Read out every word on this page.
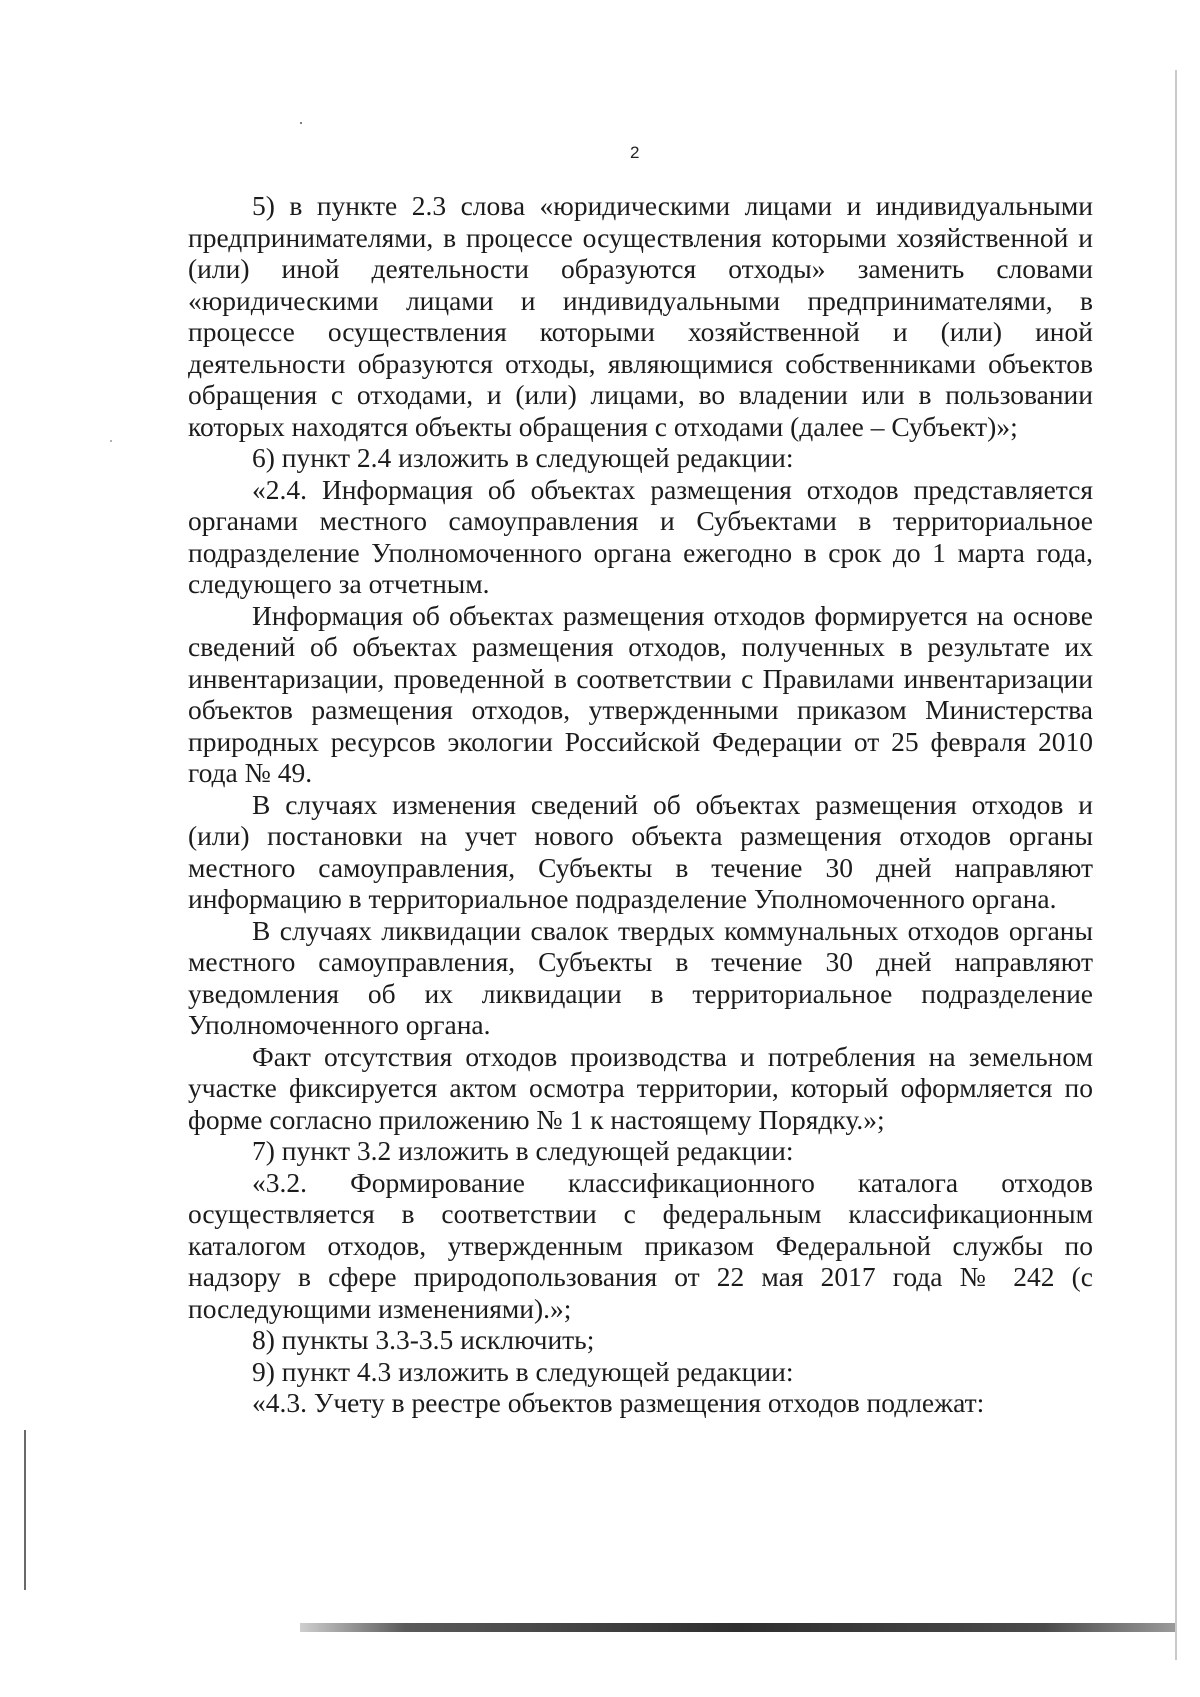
2

5) в пункте 2.3 слова «юридическими лицами и индивидуальными предпринимателями, в процессе осуществления которыми хозяйственной и (или) иной деятельности образуются отходы» заменить словами «юридическими лицами и индивидуальными предпринимателями, в процессе осуществления которыми хозяйственной и (или) иной деятельности образуются отходы, являющимися собственниками объектов обращения с отходами, и (или) лицами, во владении или в пользовании которых находятся объекты обращения с отходами (далее – Субъект)»;

6) пункт 2.4 изложить в следующей редакции:

«2.4. Информация об объектах размещения отходов представляется органами местного самоуправления и Субъектами в территориальное подразделение Уполномоченного органа ежегодно в срок до 1 марта года, следующего за отчетным.

Информация об объектах размещения отходов формируется на основе сведений об объектах размещения отходов, полученных в результате их инвентаризации, проведенной в соответствии с Правилами инвентаризации объектов размещения отходов, утвержденными приказом Министерства природных ресурсов экологии Российской Федерации от 25 февраля 2010 года № 49.

В случаях изменения сведений об объектах размещения отходов и (или) постановки на учет нового объекта размещения отходов органы местного самоуправления, Субъекты в течение 30 дней направляют информацию в территориальное подразделение Уполномоченного органа.

В случаях ликвидации свалок твердых коммунальных отходов органы местного самоуправления, Субъекты в течение 30 дней направляют уведомления об их ликвидации в территориальное подразделение Уполномоченного органа.

Факт отсутствия отходов производства и потребления на земельном участке фиксируется актом осмотра территории, который оформляется по форме согласно приложению № 1 к настоящему Порядку.»;

7) пункт 3.2 изложить в следующей редакции:

«3.2. Формирование классификационного каталога отходов осуществляется в соответствии с федеральным классификационным каталогом отходов, утвержденным приказом Федеральной службы по надзору в сфере природопользования от 22 мая 2017 года № 242 (с последующими изменениями).»;

8) пункты 3.3-3.5 исключить;

9) пункт 4.3 изложить в следующей редакции:

«4.3. Учету в реестре объектов размещения отходов подлежат:
